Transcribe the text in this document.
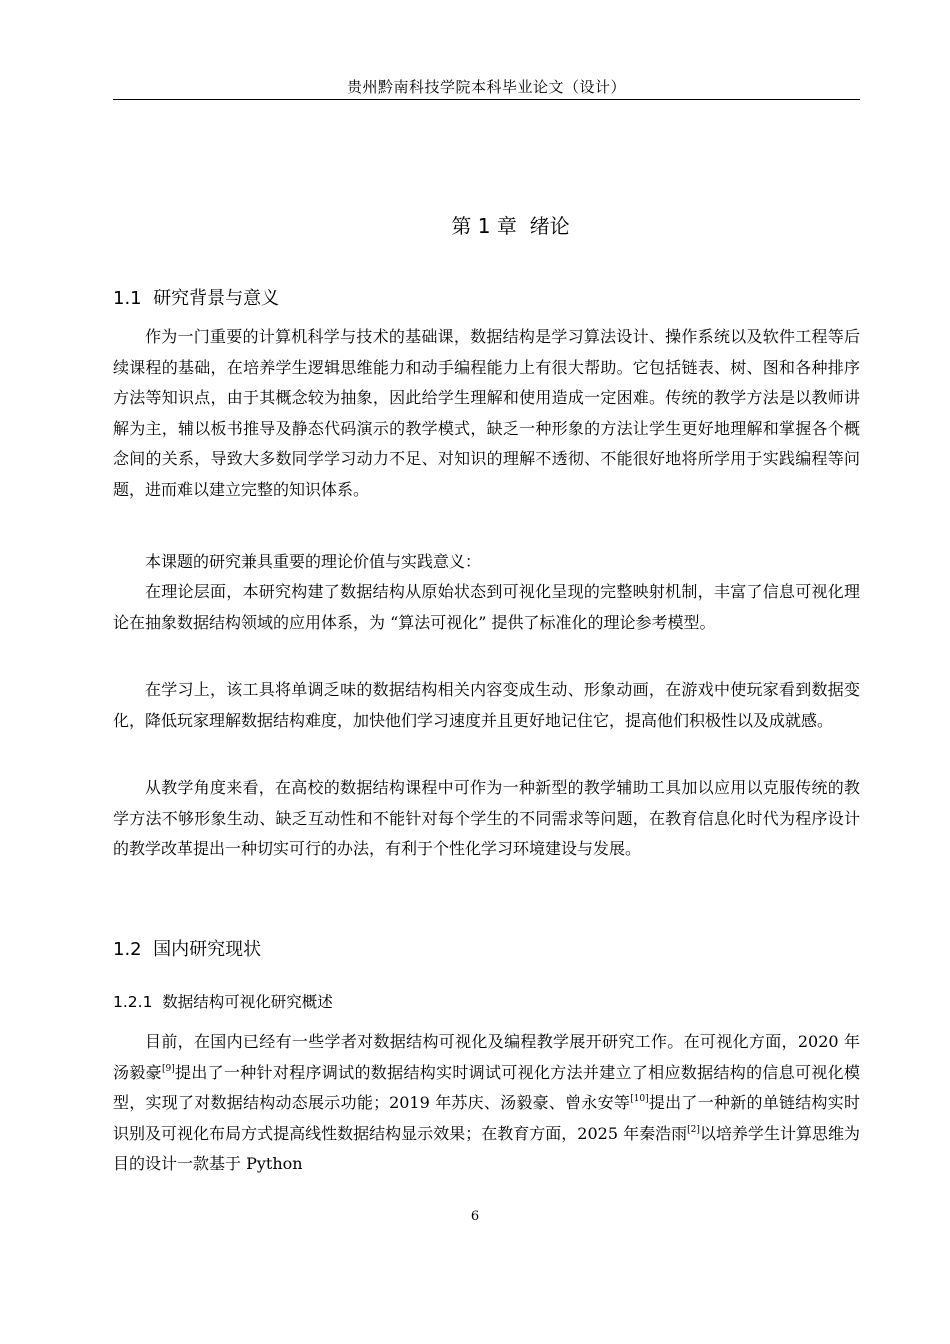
贵州黔南科技学院本科毕业论文（设计）
第 1 章  绪论
1.1  研究背景与意义

作为一门重要的计算机科学与技术的基础课，数据结构是学习算法设计、操作系统以及软件工程等后续课程的基础，在培养学生逻辑思维能力和动手编程能力上有很大帮助。它包括链表、树、图和各种排序方法等知识点，由于其概念较为抽象，因此给学生理解和使用造成一定困难。传统的教学方法是以教师讲解为主，辅以板书推导及静态代码演示的教学模式，缺乏一种形象的方法让学生更好地理解和掌握各个概念间的关系，导致大多数同学学习动力不足、对知识的理解不透彻、不能很好地将所学用于实践编程等问题，进而难以建立完整的知识体系。

本课题的研究兼具重要的理论价值与实践意义：

在理论层面，本研究构建了数据结构从原始状态到可视化呈现的完整映射机制，丰富了信息可视化理论在抽象数据结构领域的应用体系，为 “算法可视化” 提供了标准化的理论参考模型。

在学习上，该工具将单调乏味的数据结构相关内容变成生动、形象动画，在游戏中使玩家看到数据变化，降低玩家理解数据结构难度，加快他们学习速度并且更好地记住它，提高他们积极性以及成就感。

从教学角度来看，在高校的数据结构课程中可作为一种新型的教学辅助工具加以应用以克服传统的教学方法不够形象生动、缺乏互动性和不能针对每个学生的不同需求等问题，在教育信息化时代为程序设计的教学改革提出一种切实可行的办法，有利于个性化学习环境建设与发展。

1.2  国内研究现状
1.2.1  数据结构可视化研究概述

目前，在国内已经有一些学者对数据结构可视化及编程教学展开研究工作。在可视化方面，2020 年汤毅豪[9]提出了一种针对程序调试的数据结构实时调试可视化方法并建立了相应数据结构的信息可视化模型，实现了对数据结构动态展示功能；2019 年苏庆、汤毅豪、曾永安等[10]提出了一种新的单链结构实时识别及可视化布局方式提高线性数据结构显示效果；在教育方面，2025 年秦浩雨[2]以培养学生计算思维为目的设计一款基于 Python

6
